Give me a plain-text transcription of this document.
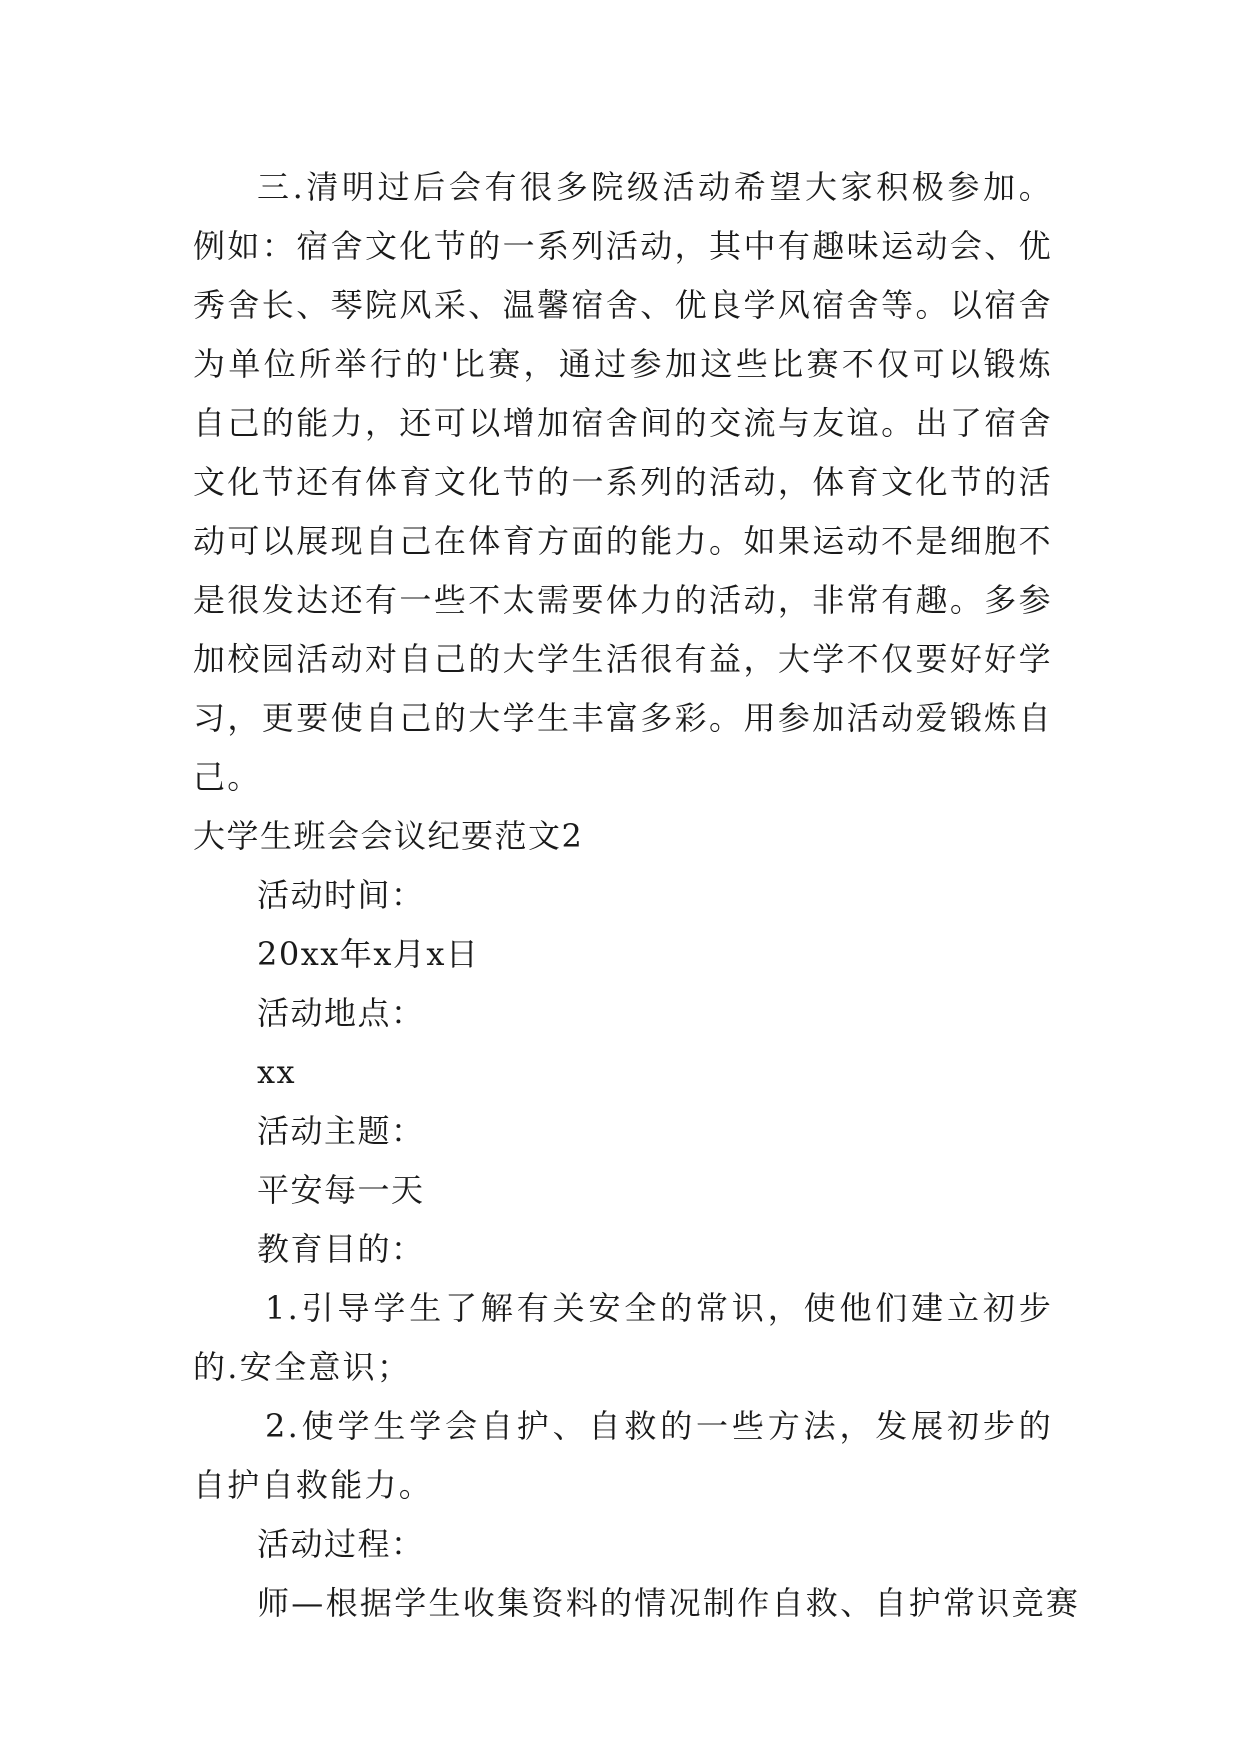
三.清明过后会有很多院级活动希望大家积极参加。例如：宿舍文化节的一系列活动，其中有趣味运动会、优秀舍长、琴院风采、温馨宿舍、优良学风宿舍等。以宿舍为单位所举行的'比赛，通过参加这些比赛不仅可以锻炼自己的能力，还可以增加宿舍间的交流与友谊。出了宿舍文化节还有体育文化节的一系列的活动，体育文化节的活动可以展现自己在体育方面的能力。如果运动不是细胞不是很发达还有一些不太需要体力的活动，非常有趣。多参加校园活动对自己的大学生活很有益，大学不仅要好好学习，更要使自己的大学生丰富多彩。用参加活动爱锻炼自己。

大学生班会会议纪要范文2

活动时间：

20xx年x月x日

活动地点：

xx

活动主题：

平安每一天

教育目的：

1.引导学生了解有关安全的常识，使他们建立初步的.安全意识；

2.使学生学会自护、自救的一些方法，发展初步的自护自救能力。

活动过程：

师—根据学生收集资料的情况制作自救、自护常识竞赛
